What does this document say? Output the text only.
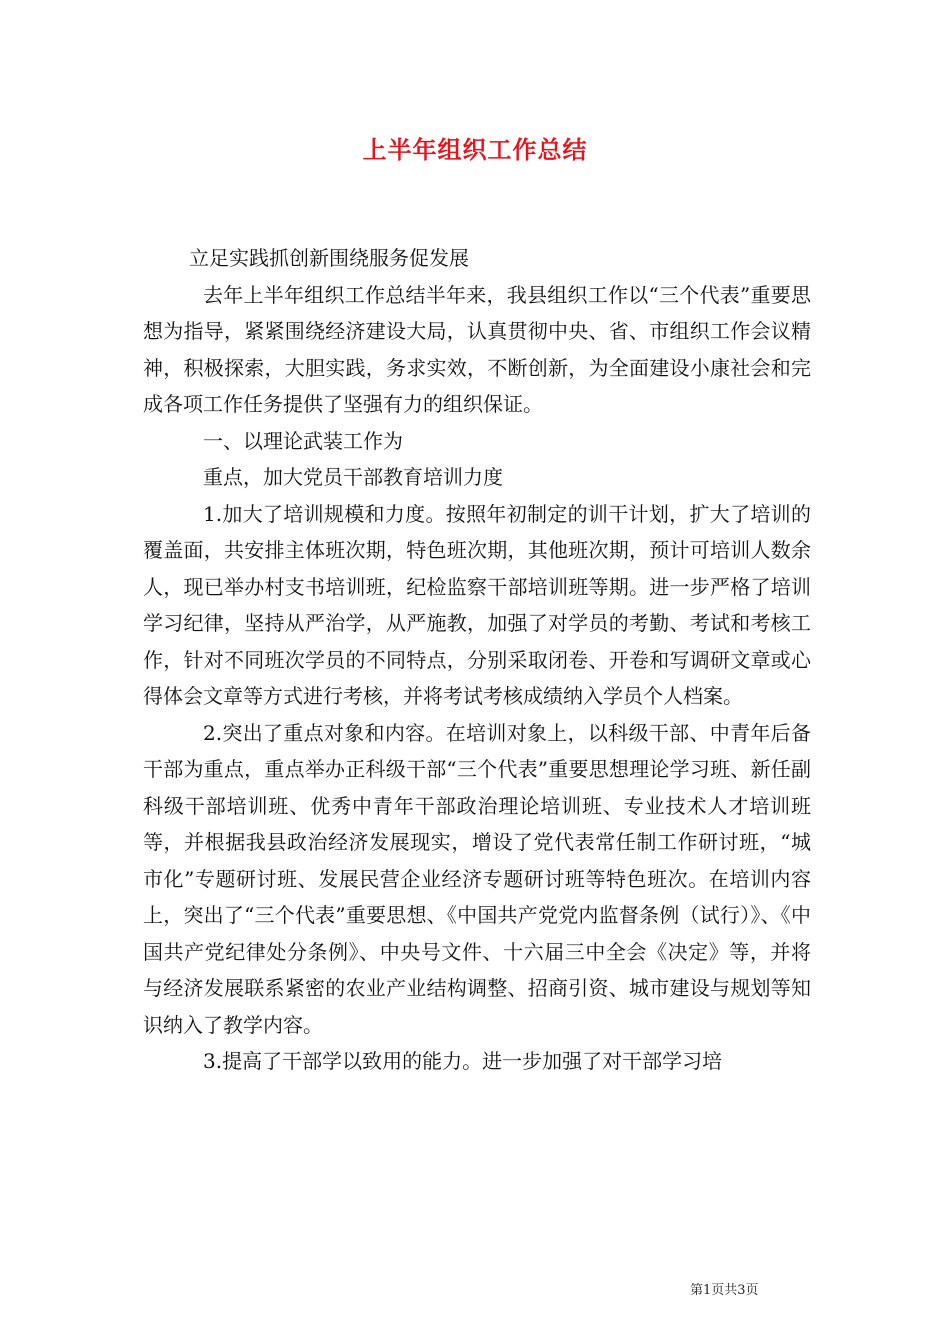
上半年组织工作总结

立足实践抓创新围绕服务促发展

去年上半年组织工作总结半年来，我县组织工作以“三个代表”重要思想为指导，紧紧围绕经济建设大局，认真贯彻中央、省、市组织工作会议精神，积极探索，大胆实践，务求实效，不断创新，为全面建设小康社会和完成各项工作任务提供了坚强有力的组织保证。

一、以理论武装工作为

重点，加大党员干部教育培训力度

1.加大了培训规模和力度。按照年初制定的训干计划，扩大了培训的覆盖面，共安排主体班次期，特色班次期，其他班次期，预计可培训人数余人，现已举办村支书培训班，纪检监察干部培训班等期。进一步严格了培训学习纪律，坚持从严治学，从严施教，加强了对学员的考勤、考试和考核工作，针对不同班次学员的不同特点，分别采取闭卷、开卷和写调研文章或心得体会文章等方式进行考核，并将考试考核成绩纳入学员个人档案。

2.突出了重点对象和内容。在培训对象上，以科级干部、中青年后备干部为重点，重点举办正科级干部“三个代表”重要思想理论学习班、新任副科级干部培训班、优秀中青年干部政治理论培训班、专业技术人才培训班等，并根据我县政治经济发展现实，增设了党代表常任制工作研讨班，“城市化”专题研讨班、发展民营企业经济专题研讨班等特色班次。在培训内容上，突出了“三个代表”重要思想、《中国共产党党内监督条例（试行）》、《中国共产党纪律处分条例》、中央号文件、十六届三中全会《决定》等，并将与经济发展联系紧密的农业产业结构调整、招商引资、城市建设与规划等知识纳入了教学内容。

3.提高了干部学以致用的能力。进一步加强了对干部学习培

第1页共3页
